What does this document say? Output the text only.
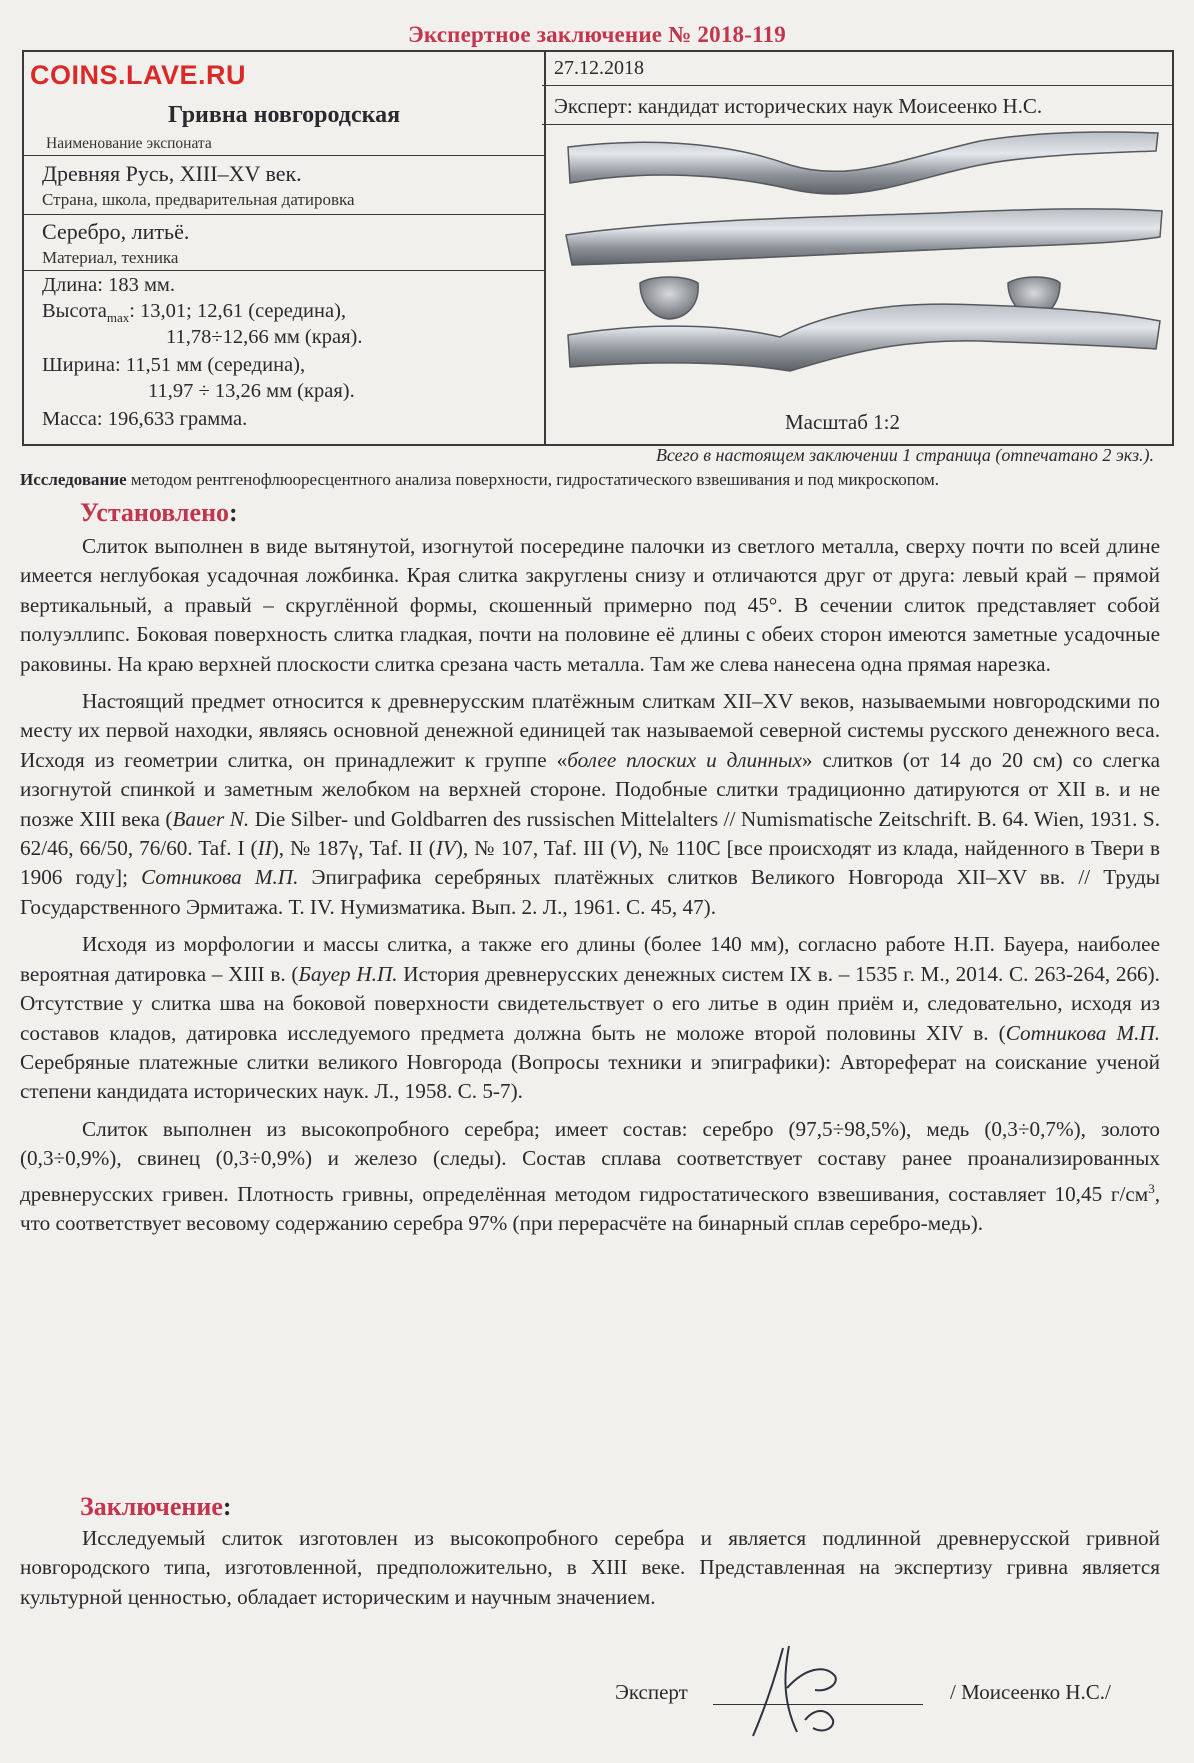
Экспертное заключение № 2018-119
COINS.LAVE.RU
Гривна новгородская
Наименование экспоната
Древняя Русь, XIII–XV век.
Страна, школа, предварительная датировка
Серебро, литьё.
Материал, техника
Длина: 183 мм.
Высота$_{max}$: 13,01; 12,61 (середина),
11,78÷12,66 мм (края).
Ширина: 11,51 мм (середина),
11,97 ÷ 13,26 мм (края).
Масса: 196,633 грамма.
27.12.2018
Эксперт: кандидат исторических наук Моисеенко Н.С.
Масштаб 1:2
Всего в настоящем заключении 1 страница (отпечатано 2 экз.).
Исследование методом рентгенофлюоресцентного анализа поверхности, гидростатического взвешивания и под микроскопом.
Установлено:

Слиток выполнен в виде вытянутой, изогнутой посередине палочки из светлого металла, сверху почти по всей длине имеется неглубокая усадочная ложбинка. Края слитка закруглены снизу и отличаются друг от друга: левый край – прямой вертикальный, а правый – скруглённой формы, скошенный примерно под 45°. В сечении слиток представляет собой полуэллипс. Боковая поверхность слитка гладкая, почти на половине её длины с обеих сторон имеются заметные усадочные раковины. На краю верхней плоскости слитка срезана часть металла. Там же слева нанесена одна прямая нарезка.

Настоящий предмет относится к древнерусским платёжным слиткам XII–XV веков, называемыми новгородскими по месту их первой находки, являясь основной денежной единицей так называемой северной системы русского денежного веса. Исходя из геометрии слитка, он принадлежит к группе «более плоских и длинных» слитков (от 14 до 20 см) со слегка изогнутой спинкой и заметным желобком на верхней стороне. Подобные слитки традиционно датируются от XII в. и не позже XIII века (Bauer N. Die Silber- und Goldbarren des russischen Mittelalters // Numismatische Zeitschrift. B. 64. Wien, 1931. S. 62/46, 66/50, 76/60. Taf. I (II), № 187γ, Taf. II (IV), № 107, Taf. III (V), № 110С [все происходят из клада, найденного в Твери в 1906 году]; Сотникова М.П. Эпиграфика серебряных платёжных слитков Великого Новгорода XII–XV вв. // Труды Государственного Эрмитажа. Т. IV. Нумизматика. Вып. 2. Л., 1961. С. 45, 47).

Исходя из морфологии и массы слитка, а также его длины (более 140 мм), согласно работе Н.П. Бауера, наиболее вероятная датировка – XIII в. (Бауер Н.П. История древнерусских денежных систем IX в. – 1535 г. М., 2014. С. 263-264, 266). Отсутствие у слитка шва на боковой поверхности свидетельствует о его литье в один приём и, следовательно, исходя из составов кладов, датировка исследуемого предмета должна быть не моложе второй половины XIV в. (Сотникова М.П. Серебряные платежные слитки великого Новгорода (Вопросы техники и эпиграфики): Автореферат на соискание ученой степени кандидата исторических наук. Л., 1958. С. 5-7).

Слиток выполнен из высокопробного серебра; имеет состав: серебро (97,5÷98,5%), медь (0,3÷0,7%), золото (0,3÷0,9%), свинец (0,3÷0,9%) и железо (следы). Состав сплава соответствует составу ранее проанализированных древнерусских гривен. Плотность гривны, определённая методом гидростатического взвешивания, составляет 10,45 $г/см^3$, что соответствует весовому содержанию серебра 97% (при перерасчёте на бинарный сплав серебро-медь).

Заключение:

Исследуемый слиток изготовлен из высокопробного серебра и является подлинной древнерусской гривной новгородского типа, изготовленной, предположительно, в XIII веке. Представленная на экспертизу гривна является культурной ценностью, обладает историческим и научным значением.

Эксперт	/ Моисеенко Н.С./
